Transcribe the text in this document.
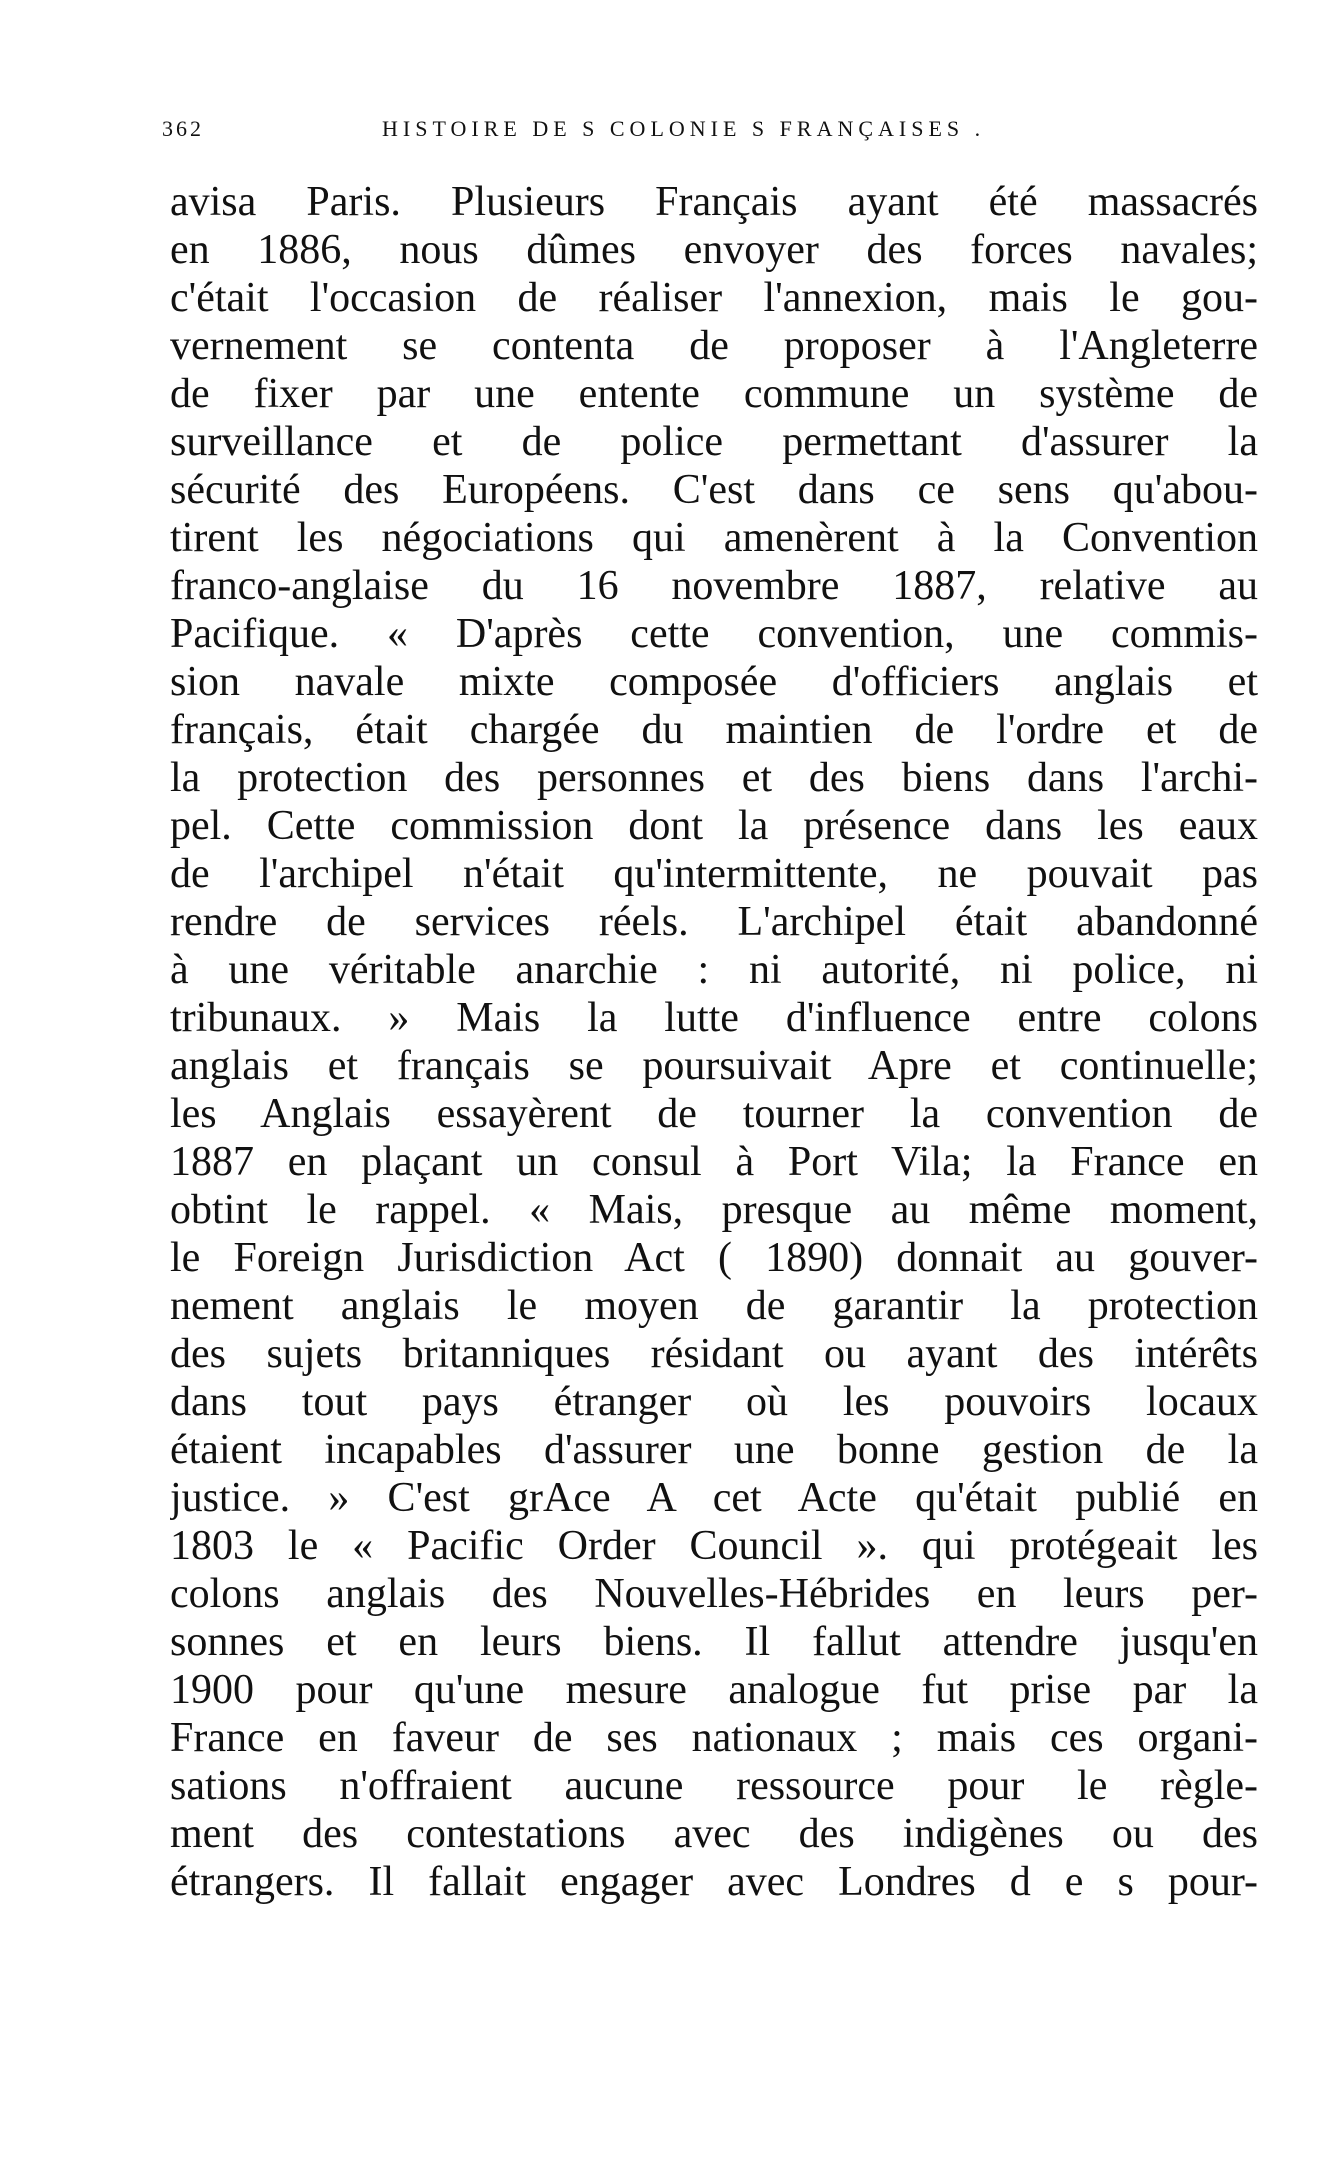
362	HISTOIRE DE S COLONIE S FRANÇAISES .
avisa Paris. Plusieurs Français ayant été massacrés
en 1886, nous dûmes envoyer des forces navales;
c'était l'occasion de réaliser l'annexion, mais le gou-
vernement se contenta de proposer à l'Angleterre
de fixer par une entente commune un système de
surveillance et de police permettant d'assurer la
sécurité des Européens. C'est dans ce sens qu'abou-
tirent les négociations qui amenèrent à la Convention
franco-anglaise du 16 novembre 1887, relative au
Pacifique. « D'après cette convention, une commis-
sion navale mixte composée d'officiers anglais et
français, était chargée du maintien de l'ordre et de
la protection des personnes et des biens dans l'archi-
pel. Cette commission dont la présence dans les eaux
de l'archipel n'était qu'intermittente, ne pouvait pas
rendre de services réels. L'archipel était abandonné
à une véritable anarchie : ni autorité, ni police, ni
tribunaux. » Mais la lutte d'influence entre colons
anglais et français se poursuivait Apre et continuelle;
les Anglais essayèrent de tourner la convention de
1887 en plaçant un consul à Port Vila; la France en
obtint le rappel. « Mais, presque au même moment,
le Foreign Jurisdiction Act ( 1890) donnait au gouver-
nement anglais le moyen de garantir la protection
des sujets britanniques résidant ou ayant des intérêts
dans tout pays étranger où les pouvoirs locaux
étaient incapables d'assurer une bonne gestion de la
justice. » C'est grAce A cet Acte qu'était publié en
1803 le « Pacific Order Council ». qui protégeait les
colons anglais des Nouvelles-Hébrides en leurs per-
sonnes et en leurs biens. Il fallut attendre jusqu'en
1900 pour qu'une mesure analogue fut prise par la
France en faveur de ses nationaux ; mais ces organi-
sations n'offraient aucune ressource pour le règle-
ment des contestations avec des indigènes ou des
étrangers. Il fallait engager avec Londres d e s pour-
